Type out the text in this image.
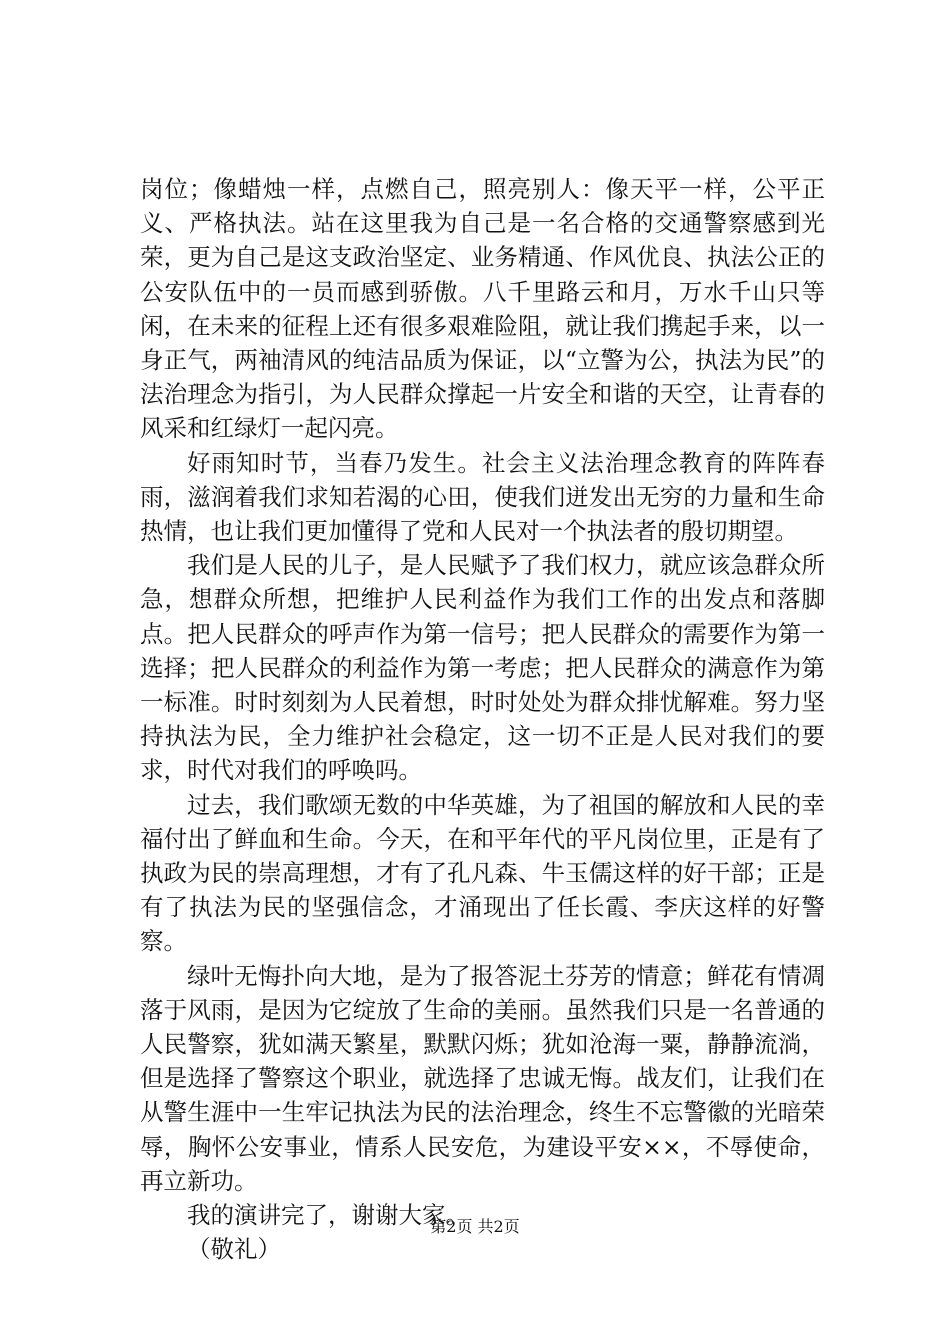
岗位；像蜡烛一样，点燃自己，照亮别人：像天平一样，公平正义、严格执法。站在这里我为自己是一名合格的交通警察感到光荣，更为自己是这支政治坚定、业务精通、作风优良、执法公正的公安队伍中的一员而感到骄傲。八千里路云和月，万水千山只等闲，在未来的征程上还有很多艰难险阻，就让我们携起手来，以一身正气，两袖清风的纯洁品质为保证，以“立警为公，执法为民”的法治理念为指引，为人民群众撑起一片安全和谐的天空，让青春的风采和红绿灯一起闪亮。

好雨知时节，当春乃发生。社会主义法治理念教育的阵阵春雨，滋润着我们求知若渴的心田，使我们迸发出无穷的力量和生命热情，也让我们更加懂得了党和人民对一个执法者的殷切期望。

我们是人民的儿子，是人民赋予了我们权力，就应该急群众所急，想群众所想，把维护人民利益作为我们工作的出发点和落脚点。把人民群众的呼声作为第一信号；把人民群众的需要作为第一选择；把人民群众的利益作为第一考虑；把人民群众的满意作为第一标准。时时刻刻为人民着想，时时处处为群众排忧解难。努力坚持执法为民，全力维护社会稳定，这一切不正是人民对我们的要求，时代对我们的呼唤吗。

过去，我们歌颂无数的中华英雄，为了祖国的解放和人民的幸福付出了鲜血和生命。今天，在和平年代的平凡岗位里，正是有了执政为民的崇高理想，才有了孔凡森、牛玉儒这样的好干部；正是有了执法为民的坚强信念，才涌现出了任长霞、李庆这样的好警察。

绿叶无悔扑向大地，是为了报答泥土芬芳的情意；鲜花有情凋落于风雨，是因为它绽放了生命的美丽。虽然我们只是一名普通的人民警察，犹如满天繁星，默默闪烁；犹如沧海一粟，静静流淌，但是选择了警察这个职业，就选择了忠诚无悔。战友们，让我们在从警生涯中一生牢记执法为民的法治理念，终生不忘警徽的光暗荣辱，胸怀公安事业，情系人民安危，为建设平安××，不辱使命，再立新功。

我的演讲完了，谢谢大家。

（敬礼）

第2页 共2页
